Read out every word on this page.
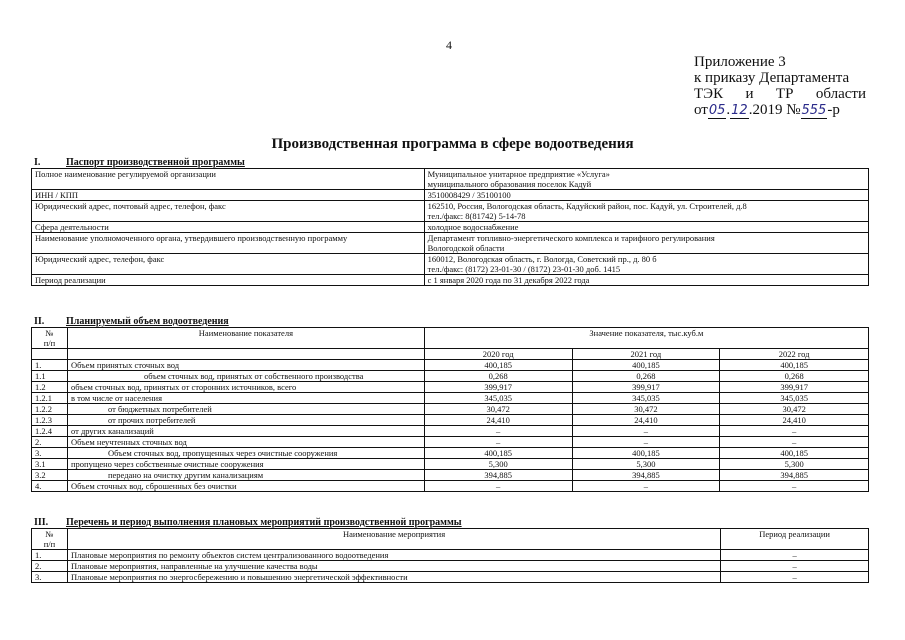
4
Приложение 3
к приказу Департамента
ТЭК и ТР области
от05.12.2019 №555-р
Производственная программа в сфере водоотведения
I.	Паспорт производственной программы
Полное наименование регулируемой организации	Муниципальное унитарное предприятие «Услуга»
муниципального образования поселок Кадуй

ИНН / КПП	3510008429 / 35100100

Юридический адрес, почтовый адрес, телефон, факс	162510, Россия, Вологодская область, Кадуйский район, пос. Кадуй, ул. Строителей, д.8
тел./факс: 8(81742) 5-14-78

Сфера деятельности	холодное водоснабжение

Наименование уполномоченного органа, утвердившего производственную программу	Департамент топливно-энергетического комплекса и тарифного регулирования
Вологодской области

Юридический адрес, телефон, факс	160012, Вологодская область, г. Вологда, Советский пр., д. 80 б
тел./факс: (8172) 23-01-30 / (8172) 23-01-30 доб. 1415

Период реализации	с 1 января 2020 года по 31 декабря 2022 года
II. Планируемый объем водоотведения
№
п/п	Наименование показателя	Значение показателя, тыс.куб.м		

		2020 год	2021 год	2022 год
1.	Объем принятых сточных вод	400,185	400,185	400,185
1.1	объем сточных вод, принятых от собственного производства	0,268	0,268	0,268
1.2	объем сточных вод, принятых от сторонних источников, всего	399,917	399,917	399,917
1.2.1	в том числе от населения	345,035	345,035	345,035
1.2.2	от бюджетных потребителей	30,472	30,472	30,472
1.2.3	от прочих потребителей	24,410	24,410	24,410
1.2.4	от других канализаций	–	–	–
2.	Объем неучтенных сточных вод	–	–	–
3.	Объем сточных вод, пропущенных через очистные сооружения	400,185	400,185	400,185
3.1	пропущено через собственные очистные сооружения	5,300	5,300	5,300
3.2	передано на очистку другим канализациям	394,885	394,885	394,885
4.	Объем сточных вод, сброшенных без очистки	–	–	–
III. Перечень и период выполнения плановых мероприятий производственной программы
№
п/п	Наименование мероприятия	Период реализации
1.	Плановые мероприятия по ремонту объектов систем централизованного водоотведения	–
2.	Плановые мероприятия, направленные на улучшение качества воды	–
3.	Плановые мероприятия по энергосбережению и повышению энергетической эффективности	–
